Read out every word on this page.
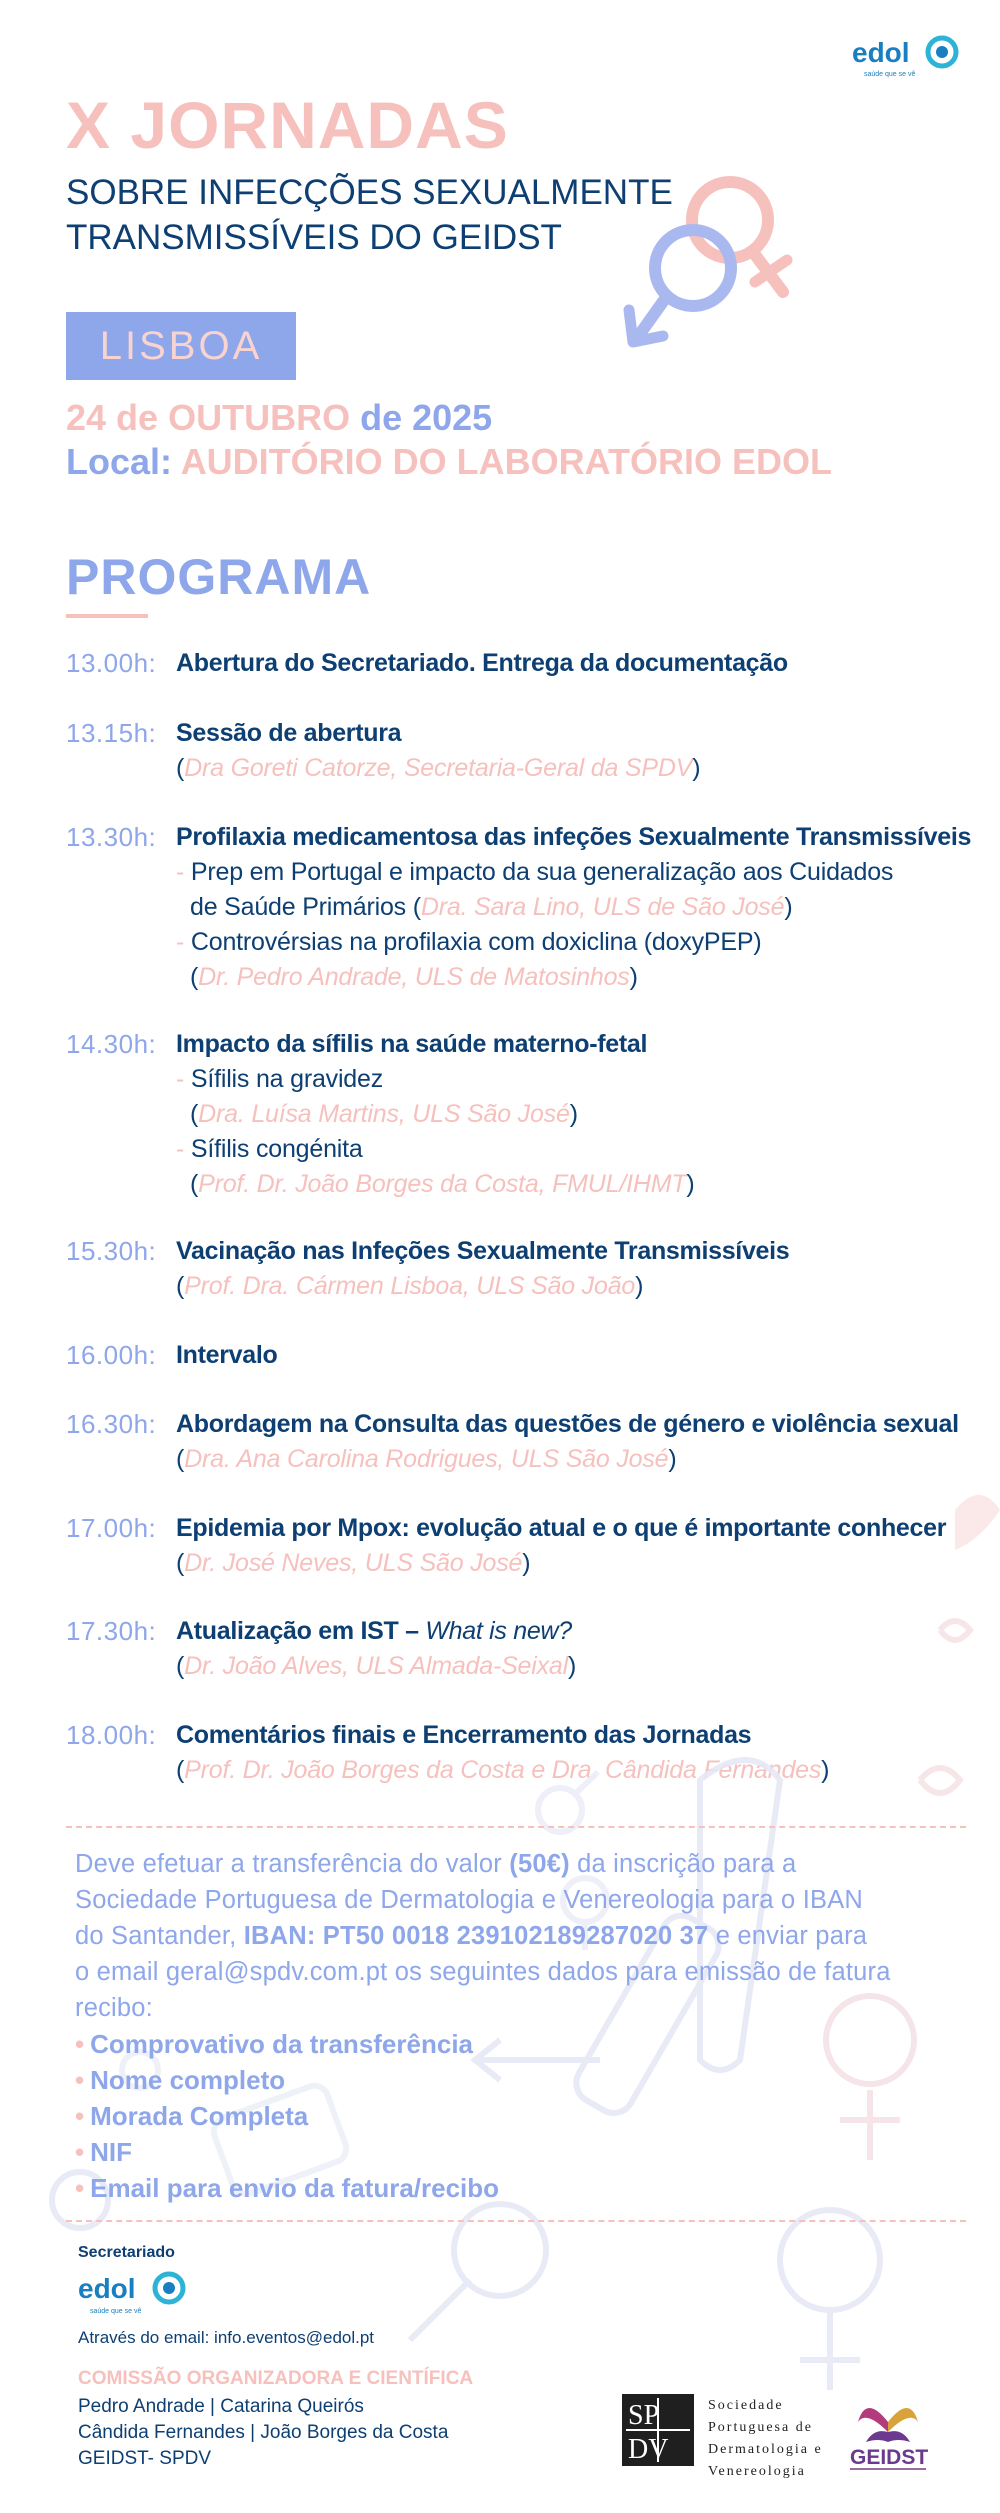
edol
saúde que se vê
X JORNADAS
SOBRE INFECÇÕES SEXUALMENTE
TRANSMISSÍVEIS DO GEIDST
LISBOA
24 de OUTUBRO de 2025
Local: AUDITÓRIO DO LABORATÓRIO EDOL
PROGRAMA
13.00h: Abertura do Secretariado. Entrega da documentação
13.15h: Sessão de abertura
(Dra Goreti Catorze, Secretaria-Geral da SPDV)
13.30h: Profilaxia medicamentosa das infeções Sexualmente Transmissíveis
- Prep em Portugal e impacto da sua generalização aos Cuidados
de Saúde Primários (Dra. Sara Lino, ULS de São José)
- Controvérsias na profilaxia com doxiclina (doxyPEP)
(Dr. Pedro Andrade, ULS de Matosinhos)
14.30h: Impacto da sífilis na saúde materno-fetal
- Sífilis na gravidez
(Dra. Luísa Martins, ULS São José)
- Sífilis congénita
(Prof. Dr. João Borges da Costa, FMUL/IHMT)
15.30h: Vacinação nas Infeções Sexualmente Transmissíveis
(Prof. Dra. Cármen Lisboa, ULS São João)
16.00h: Intervalo
16.30h: Abordagem na Consulta das questões de género e violência sexual
(Dra. Ana Carolina Rodrigues, ULS São José)
17.00h: Epidemia por Mpox: evolução atual e o que é importante conhecer
(Dr. José Neves, ULS São José)
17.30h: Atualização em IST – What is new?
(Dr. João Alves, ULS Almada-Seixal)
18.00h: Comentários finais e Encerramento das Jornadas
(Prof. Dr. João Borges da Costa e Dra. Cândida Fernandes)
Deve efetuar a transferência do valor (50€) da inscrição para a
Sociedade Portuguesa de Dermatologia e Venereologia para o IBAN
do Santander, IBAN: PT50 0018 239102189287020 37 e enviar para
o email geral@spdv.com.pt os seguintes dados para emissão de fatura
recibo:
• Comprovativo da transferência
• Nome completo
• Morada Completa
• NIF
• Email para envio da fatura/recibo
Secretariado
edol
saúde que se vê
Através do email: info.eventos@edol.pt
COMISSÃO ORGANIZADORA E CIENTÍFICA
Pedro Andrade | Catarina Queirós
Cândida Fernandes | João Borges da Costa
GEIDST- SPDV
SP
DV
Sociedade
Portuguesa de
Dermatologia e
Venereologia
GEIDST
